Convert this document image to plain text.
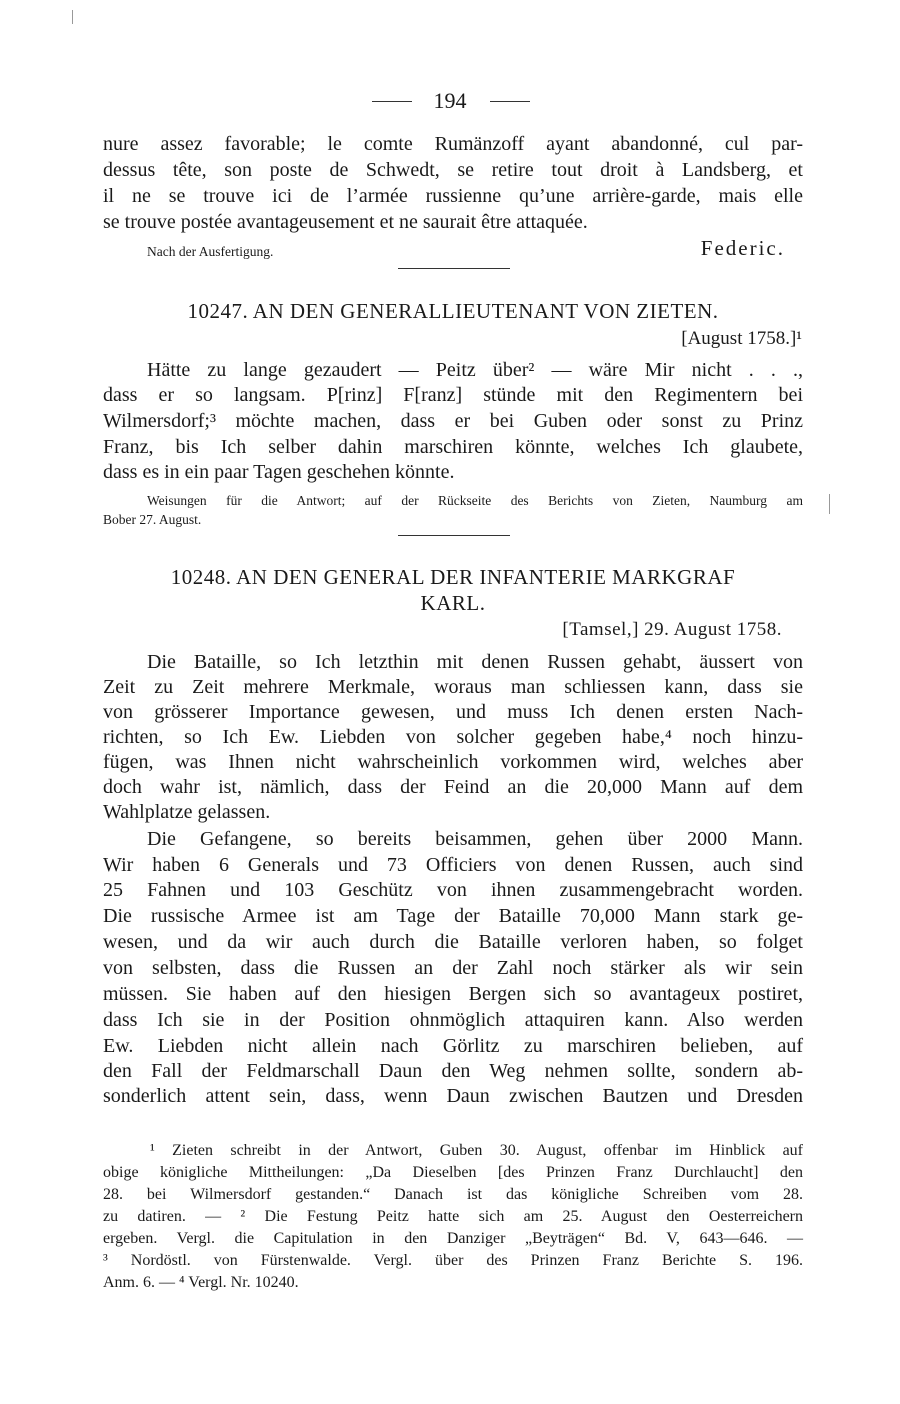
194
nure assez favorable; le comte Rumänzoff ayant abandonné, cul par-
dessus tête, son poste de Schwedt, se retire tout droit à Landsberg, et
il ne se trouve ici de l’armée russienne qu’une arrière-garde, mais elle
se trouve postée avantageusement et ne saurait être attaquée.
Nach der Ausfertigung.	Federic.
10247. AN DEN GENERALLIEUTENANT VON ZIETEN.
[August 1758.]¹
Hätte zu lange gezaudert — Peitz über² — wäre Mir nicht . . .,
dass er so langsam. P[rinz] F[ranz] stünde mit den Regimentern bei
Wilmersdorf;³ möchte machen, dass er bei Guben oder sonst zu Prinz
Franz, bis Ich selber dahin marschiren könnte, welches Ich glaubete,
dass es in ein paar Tagen geschehen könnte.
Weisungen für die Antwort; auf der Rückseite des Berichts von Zieten, Naumburg am
Bober 27. August.
10248. AN DEN GENERAL DER INFANTERIE MARKGRAF
KARL.
[Tamsel,] 29. August 1758.
Die Bataille, so Ich letzthin mit denen Russen gehabt, äussert von
Zeit zu Zeit mehrere Merkmale, woraus man schliessen kann, dass sie
von grösserer Importance gewesen, und muss Ich denen ersten Nach-
richten, so Ich Ew. Liebden von solcher gegeben habe,⁴ noch hinzu-
fügen, was Ihnen nicht wahrscheinlich vorkommen wird, welches aber
doch wahr ist, nämlich, dass der Feind an die 20,000 Mann auf dem
Wahlplatze gelassen.
Die Gefangene, so bereits beisammen, gehen über 2000 Mann.
Wir haben 6 Generals und 73 Officiers von denen Russen, auch sind
25 Fahnen und 103 Geschütz von ihnen zusammengebracht worden.
Die russische Armee ist am Tage der Bataille 70,000 Mann stark ge-
wesen, und da wir auch durch die Bataille verloren haben, so folget
von selbsten, dass die Russen an der Zahl noch stärker als wir sein
müssen. Sie haben auf den hiesigen Bergen sich so avantageux postiret,
dass Ich sie in der Position ohnmöglich attaquiren kann. Also werden
Ew. Liebden nicht allein nach Görlitz zu marschiren belieben, auf
den Fall der Feldmarschall Daun den Weg nehmen sollte, sondern ab-
sonderlich attent sein, dass, wenn Daun zwischen Bautzen und Dresden
¹ Zieten schreibt in der Antwort, Guben 30. August, offenbar im Hinblick auf
obige königliche Mittheilungen: „Da Dieselben [des Prinzen Franz Durchlaucht] den
28. bei Wilmersdorf gestanden.“ Danach ist das königliche Schreiben vom 28.
zu datiren. — ² Die Festung Peitz hatte sich am 25. August den Oesterreichern
ergeben. Vergl. die Capitulation in den Danziger „Beyträgen“ Bd. V, 643—646. —
³ Nordöstl. von Fürstenwalde. Vergl. über des Prinzen Franz Berichte S. 196.
Anm. 6. — ⁴ Vergl. Nr. 10240.
